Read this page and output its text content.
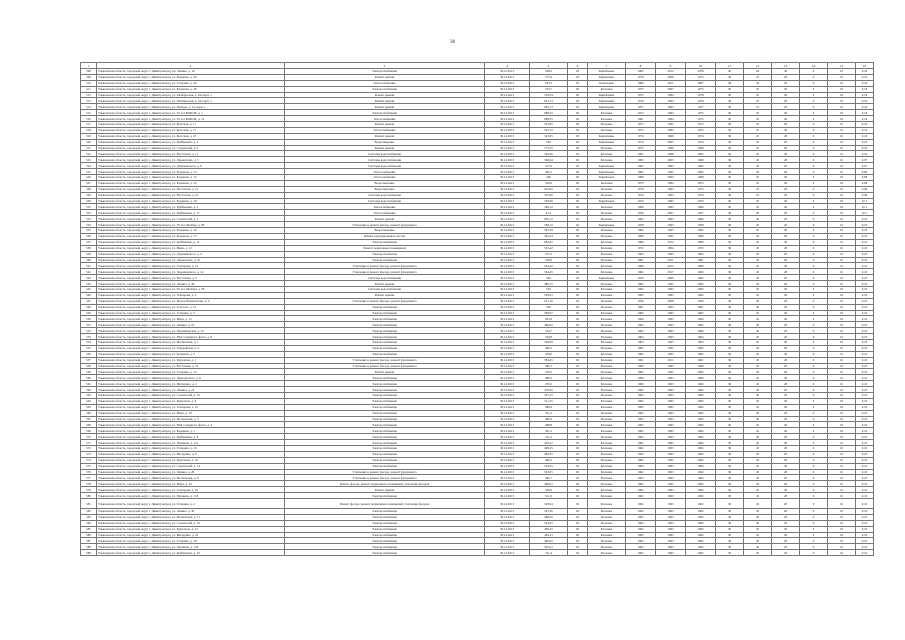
38
1	2	3	4	5	6	7	8	9	10	11	12	13	14	15	16
508	Ульяновская область, городской округ г. Димитровград, пр. Ленина, д. 16	Электроснабжение	30.12.2013	548,2	03	Кирпичные	1965	2012	1978	30	45	30	0	10	0,16
509	Ульяновская область, городской округ г. Димитровград, ул. Баданова, д. 20	Ремонт крыши	30.12.2013	575,9	03	Кирпичные	1970	2009	1975	30	25	20	0	10	0,16
510	Ульяновская область, городской округ г. Димитровград, ул. Гагарина, д. 46	Теплоснабжение	30.12.2013	623,3	05	Панельные	1966	2011	1967	28	34	20	0	10	0,16
511	Ульяновская область, городской округ г. Димитровград, ул. Баданова, д. 26	Электроснабжение	30.12.2013	533,7	02	Блочные	1973	2007	1975	30	25	20	0	10	0,16
512	Ульяновская область, городской округ г. Димитровград, ул. Октябрьская, д. 64, корп. а	Ремонт крыши	30.12.2013	518,54	02	Кирпичные	1975	1994	1978	30	25	20	0	10	0,16
513	Ульяновская область, городской округ г. Димитровград, ул. Октябрьская, д. 44, корп. 1	Ремонт крыши	30.12.2013	691,73	03	Кирпичные	1976	1994	1979	30	25	20	0	10	0,16
514	Ульяновская область, городской округ г. Димитровград, ул. Победы, д. 14, корп. 1	Ремонт крыши	30.12.2013	685,13	02	Кирпичные	1977	1993	1977	30	25	20	0	10	0,16
515	Ульяновская область, городской округ г. Димитровград, ул. 50 лет ВЛКСМ, д. 1	Электроснабжение	30.12.2013	688,55	02	Блочные	1973	1994	1975	30	25	20	0	10	0,16
516	Ульяновская область, городской округ г. Димитровград, ул. 50 лет ВЛКСМ, д. 12	Теплоснабжение	30.12.2013	688,55	02	Блочные	1961	1994	1975	30	45	20	0	10	0,16
517	Ульяновская область, городской округ г. Димитровград, ул. Братская, д. 11	Ремонт крыши	30.12.2013	522,85	02	Блочные	1977	1993	1975	30	25	20	0	10	0,16
518	Ульяновская область, городской округ г. Димитровград, ул. Братская, д. 17	Теплоснабжение	30.12.2013	525,12	02	Блочные	1973	1993	1975	30	25	20	0	10	0,16
519	Ульяновская область, городской округ г. Димитровград, ул. Братская, д. 23	Ремонт крыши	30.12.2013	543,95	03	Кирпичные	1974	1996	1974	30	25	20	0	10	0,16
520	Ульяновская область, городской округ г. Димитровград, ул. Куйбышева, д. 4	Водоотведение	30.12.2013	504	02	Кирпичные	1974	2003	1974	30	45	20	0	10	0,16
521	Ульяновская область, городской округ г. Димитровград, ул. Строителей, д. 3	Ремонт крыши	30.12.2013	775,35	02	Блочные	1975	1996	2008	30	25	20	0	10	0,16
522	Ульяновская область, городской округ г. Димитровград, ул. Восточная, д. 17	Системы водоснабжения	30.12.2013	526,46	03	Блочные	1967	1998	1962	30	45	20	0	10	0,16
523	Ульяновская область, городской округ г. Димитровград, ул. Лермонтова, д. 5	Системы водоснабжения	30.12.2013	566,64	02	Блочные	1963	2003	1968	30	45	20	0	10	0,07
524	Ульяновская область, городской округ г. Димитровград, ул. Дзержинского, д. 8	Системы водоснабжения	30.12.2013	537,0	02	Кирпичные	1962	1993	1962	30	45	20	0	10	0,07
525	Ульяновская область, городской округ г. Димитровград, ул. Баданова, д. 15	Теплоснабжение	30.12.2013	495,2	02	Кирпичные	1962	1993	1962	30	45	20	0	10	0,09
526	Ульяновская область, городской округ г. Димитровград, ул. Баданова, д. 13	Теплоснабжение	30.12.2013	506	02	Кирпичные	1968	2003	1968	30	25	20	0	10	0,08
527	Ульяновская область, городской округ г. Димитровград, ул. Баданова, д. 20	Водоотведение	30.12.2013	526,6	02	Блочные	1973	1994	1975	30	25	20	0	10	0,08
528	Ульяновская область, городской округ г. Димитровград, ул. Восточная, д. 21	Водоотведение	30.12.2013	625,65	02	Блочные	1970	1993	1975	30	25	20	0	10	0,06
529	Ульяновская область, городской округ г. Димитровград, ул. Восточная, д. 25	Системы водоснабжения	30.12.2013	525,06	02	Блочные	1974	1993	1974	30	25	20	0	10	0,08
530	Ульяновская область, городской округ г. Димитровград, ул. Баданова, д. 19	Системы водоснабжения	30.12.2013	520,96	02	Кирпичные	1974	1993	1974	30	25	20	0	10	0,11
531	Ульяновская область, городской округ г. Димитровград, ул. Куйбышева, д. 2	Теплоснабжение	30.12.2013	568,12	02	Блочные	1960	1993	1960	30	45	20	0	10	0,11
532	Ульяновская область, городской округ г. Димитровград, ул. Куйбышева, д. 17	Теплоснабжение	30.12.2013	6,12	02	Блочные	1956	2007	1957	30	20	20	0	10	0,11
533	Ульяновская область, городской округ г. Димитровград, ул. Строителей, д. 2	Ремонт крыши	30.12.2013	605,12	02	Блочные	1964	1993	1964	30	45	20	0	10	0,10
534	Ульяновская область, городской округ г. Димитровград, ул. 50 лет Октября, д. 90	Утепление и ремонт фасада, ремонт фундамента	30.12.2013	568,12	02	Кирпичные	1958	1993	1958	30	45	20	0	10	0,10
535	Ульяновская область, городской округ г. Димитровград, ул. Баданова, д. 10	Водоотведение	30.12.2013	595,59	02	Блочные	1962	1993	1962	30	45	20	0	10	0,10
536	Ульяновская область, городской округ г. Димитровград, ул. Баданова, д. 17	Ремонт внутридомовых систем	30.12.2013	562,24	02	Блочные	1960	1993	1960	30	45	20	0	10	0,10
537	Ульяновская область, городской округ г. Димитровград, ул. Куйбышева, д. 11	Электроснабжение	30.12.2013	682,62	02	Блочные	1966	2012	1966	30	45	20	0	10	0,10
538	Ульяновская область, городской округ г. Димитровград, ул. Мира, д. 12	Ремонт подвальных помещений	30.12.2013	525,42	02	Блочные	1972	1994	1972	30	45	20	0	10	0,10
539	Ульяновская область, городской округ г. Димитровград, ул. Дзержинского, д. 4	Электроснабжение	30.12.2013	571,2	02	Блочные	1963	1993	1963	30	45	20	0	10	0,10
540	Ульяновская область, городской округ г. Димитровград, ул. Лермонтова, д. 10	Электроснабжение	30.12.2013	528,9	02	Блочные	1961	2011	1961	30	45	20	0	10	0,10
541	Ульяновская область, городской округ г. Димитровград, ул. Гончарова, д. 14	Утепление и ремонт фасада, ремонт фундамента	30.12.2013	534,42	02	Блочные	1966	2012	1966	30	45	20	0	10	0,10
542	Ульяновская область, городской округ г. Димитровград, ул. Дзержинского, д. 14	Утепление и ремонт фасада, ремонт фундамента	30.12.2013	564,45	02	Блочные	1962	2017	1962	30	45	20	0	10	0,10
543	Ульяновская область, городской округ г. Димитровград, ул. Восточная, д. 2	Системы водоснабжения	30.12.2013	546	03	Кирпичные	1959	2009	1962	30	45	20	0	10	0,10
544	Ульяновская область, городской округ г. Димитровград, ул. Ленина, д. 36	Ремонт крыши	30.12.2013	489,75	02	Блочные	1962	1993	1962	30	45	20	0	10	0,10
545	Ульяновская область, городской округ г. Димитровград, ул. 50 лет Октября, д. 58	Системы водоснабжения	30.12.2013	526	02	Блочные	1962	1993	1962	30	45	20	0	10	0,10
546	Ульяновская область, городской округ г. Димитровград, ул. Гончарова, д. 2	Ремонт крыши	30.12.2013	528,91	02	Блочные	1962	1993	1962	30	45	20	0	10	0,10
547	Ульяновская область, городской округ г. Димитровград, ул. Мулла-Нурвахитова, д. 4	Утепление и ремонт фасада, ремонт фундамента	30.12.2013	651,16	02	Блочные	1956	2008	1956	30	45	20	0	10	0,10
548	Ульяновская область, городской округ г. Димитровград, ул. Толстого, д. 12	Электроснабжение	30.12.2013	530	02	Блочные	1961	1993	1961	30	45	20	0	10	0,10
549	Ульяновская область, городской округ г. Димитровград, ул. Гагарина, д. 5	Электроснабжение	30.12.2013	509,97	02	Блочные	1965	1993	1965	30	45	20	0	10	0,10
550	Ульяновская область, городской округ г. Димитровград, ул. Мира, д. 15	Электроснабжение	30.12.2013	505,9	02	Блочные	1964	1993	1964	30	45	20	0	10	0,10
551	Ульяновская область, городской округ г. Димитровград, ул. Ленина, д. 10	Электроснабжение	30.12.2013	496,02	02	Блочные	1962	1993	1962	30	45	20	0	10	0,10
552	Ульяновская область, городской округ г. Димитровград, ул. Черемшанская, д. 12	Электроснабжение	30.12.2013	524,7	02	Блочные	1964	1993	1964	30	45	20	0	10	0,10
553	Ульяновская область, городской округ г. Димитровград, ул. Юнг Северного флота, д. 8	Электроснабжение	30.12.2013	520,8	02	Блочные	1964	1993	1964	30	45	20	0	10	0,10
554	Ульяновская область, городской округ г. Димитровград, ул. Московская, д. 1	Электроснабжение	30.12.2013	528,99	02	Блочные	1963	1993	1963	30	45	20	0	10	0,10
555	Ульяновская область, городской округ г. Димитровград, ул. Гвардейская, д. 4	Электроснабжение	30.12.2013	499,5	02	Блочные	1963	1993	1963	30	45	20	0	10	0,10
556	Ульяновская область, городской округ г. Димитровград, ул. Баданова, д. 3	Электроснабжение	30.12.2013	478,6	02	Блочные	1962	1993	1962	30	45	20	0	10	0,10
557	Ульяновская область, городской округ г. Димитровград, ул. Курчатова, д. 1	Утепление и ремонт фасада, ремонт фундамента	30.12.2013	584,65	02	Блочные	1961	2011	1961	30	45	20	0	10	0,10
558	Ульяновская область, городской округ г. Димитровград, ул. Восточная, д. 31	Утепление и ремонт фасада, ремонт фундамента	30.12.2013	580,1	02	Блочные	1960	1993	1960	30	45	20	0	10	0,10
559	Ульяновская область, городской округ г. Димитровград, ул. Гагарина, д. 12	Ремонт крыши	30.12.2013	479,2	02	Блочные	1962	1993	1962	30	45	20	0	10	0,10
560	Ульяновская область, городской округ г. Димитровград, ул. Луначарского, д. 6	Электроснабжение	30.12.2013	480,3	02	Блочные	1960	1993	1960	30	45	20	0	10	0,10
561	Ульяновская область, городской округ г. Димитровград, ул. Мичурина, д. 2	Электроснабжение	30.12.2013	470,2	02	Блочные	1960	1993	1960	30	45	20	0	10	0,10
562	Ульяновская область, городской округ г. Димитровград, ул. Ленина, д. 22	Электроснабжение	30.12.2013	478,65	02	Блочные	1962	1993	1962	30	45	20	0	10	0,10
563	Ульяновская область, городской округ г. Димитровград, ул. Строителей, д. 10	Электроснабжение	30.12.2013	525,15	02	Блочные	1964	1993	1964	30	45	20	0	10	0,10
564	Ульяновская область, городской округ г. Димитровград, ул. Курчатова, д. 6	Электроснабжение	30.12.2013	511,25	02	Блочные	1962	1993	1962	30	45	20	0	10	0,10
565	Ульяновская область, городской округ г. Димитровград, ул. Гончарова, д. 10	Электроснабжение	30.12.2013	488,9	02	Блочные	1962	1993	1962	30	45	20	0	10	0,10
566	Ульяновская область, городской округ г. Димитровград, ул. Мира, д. 10	Электроснабжение	30.12.2013	501,2	02	Блочные	1962	1993	1962	30	45	20	0	10	0,10
567	Ульяновская область, городской округ г. Димитровград, ул. Московская, д. 5	Электроснабжение	30.12.2013	486,4	02	Блочные	1963	1993	1963	30	45	20	0	10	0,10
568	Ульяновская область, городской округ г. Димитровград, ул. Юнг Северного флота, д. 4	Электроснабжение	30.12.2013	488,8	02	Блочные	1963	1993	1963	30	45	20	0	10	0,10
569	Ульяновская область, городской округ г. Димитровград, ул. Баданова, д. 1	Электроснабжение	30.12.2013	501,5	02	Блочные	1962	1993	1962	30	45	20	0	10	0,10
570	Ульяновская область, городской округ г. Димитровград, ул. Куйбышева, д. 8	Электроснабжение	30.12.2013	511,4	02	Блочные	1962	1993	1962	30	45	20	0	10	0,10
571	Ульяновская область, городской округ г. Димитровград, ул. Пушкина, д. 112	Электроснабжение	30.12.2013	505,21	02	Блочные	1962	1993	1962	30	45	20	0	10	0,10
572	Ульяновская область, городской округ г. Димитровград, ул. Гагарина, д. 16	Электроснабжение	30.12.2013	496,45	02	Блочные	1962	1993	1962	30	45	20	0	10	0,10
573	Ульяновская область, городской округ г. Димитровград, ул. Мичурина, д. 6	Электроснабжение	30.12.2013	484,35	02	Блочные	1962	1993	1962	30	45	20	0	10	0,10
574	Ульяновская область, городской округ г. Димитровград, ул. Курчатова, д. 10	Электроснабжение	30.12.2013	496,5	02	Блочные	1962	1993	1962	30	45	20	0	10	0,10
575	Ульяновская область, городской округ г. Димитровград, ул. Строителей, д. 14	Электроснабжение	30.12.2013	524,25	02	Блочные	1964	1993	1964	30	45	20	0	10	0,10
576	Ульяновская область, городской округ г. Димитровград, ул. Ленина, д. 28	Утепление и ремонт фасада, ремонт фундамента	30.12.2013	543,05	02	Блочные	1962	1993	1962	30	45	20	0	10	0,10
577	Ульяновская область, городской округ г. Димитровград, ул. Московская, д. 9	Утепление и ремонт фасада, ремонт фундамента	30.12.2013	495,7	02	Блочные	1963	1993	1963	30	45	20	0	10	0,10
578	Ульяновская область, городской округ г. Димитровград, ул. Мира, д. 16	Ремонт фасада, ремонт подвальных помещений, утепление фасадов	30.12.2013	498,01	02	Блочные	1962	1993	1962	30	45	20	0	10	0,10
579	Ульяновская область, городской округ г. Димитровград, ул. Гончарова, д. 16	Ремонт крыши	30.12.2013	506,9	02	Блочные	1962	1993	1962	30	45	20	0	10	0,10
580	Ульяновская область, городской округ г. Димитровград, ул. Пушкина, д. 118	Электроснабжение	30.12.2013	511,9	02	Блочные	1962	1993	1962	30	45	20	0	10	0,10
581	Ульяновская область, городской округ г. Димитровград, ул. Гагарина, д. 2	Ремонт фасада, ремонт подвальных помещений, утепление фасадов	30.12.2013	528,34	02	Блочные	1962	1993	1962	30	45	20	0	10	0,10
582	Ульяновская область, городской округ г. Димитровград, ул. Ленина, д. 30	Электроснабжение	30.12.2013	501,36	02	Блочные	1962	1993	1962	30	45	20	0	10	0,10
583	Ульяновская область, городской округ г. Димитровград, ул. Московская, д. 11	Электроснабжение	30.12.2013	488,42	02	Блочные	1963	1993	1963	30	45	20	0	10	0,10
584	Ульяновская область, городской округ г. Димитровград, ул. Строителей, д. 16	Электроснабжение	30.12.2013	524,25	02	Блочные	1964	1993	1964	30	45	20	0	10	0,10
585	Ульяновская область, городской округ г. Димитровград, ул. Курчатова, д. 12	Электроснабжение	30.12.2013	496,25	02	Блочные	1962	1993	1962	30	45	20	0	10	0,10
586	Ульяновская область, городской округ г. Димитровград, ул. Мичурина, д. 10	Электроснабжение	30.12.2013	484,15	02	Блочные	1962	1993	1962	30	45	20	0	10	0,10
587	Ульяновская область, городской округ г. Димитровград, ул. Гагарина, д. 18	Электроснабжение	30.12.2013	496,45	02	Блочные	1962	1993	1962	30	45	20	0	10	0,10
588	Ульяновская область, городской округ г. Димитровград, ул. Пушкина, д. 120	Электроснабжение	30.12.2013	505,21	02	Блочные	1962	1993	1962	30	45	20	0	10	0,10
589	Ульяновская область, городской округ г. Димитровград, ул. Куйбышева, д. 10	Электроснабжение	30.12.2013	511,4	02	Блочные	1962	1993	1962	30	45	20	0	10	0,10
